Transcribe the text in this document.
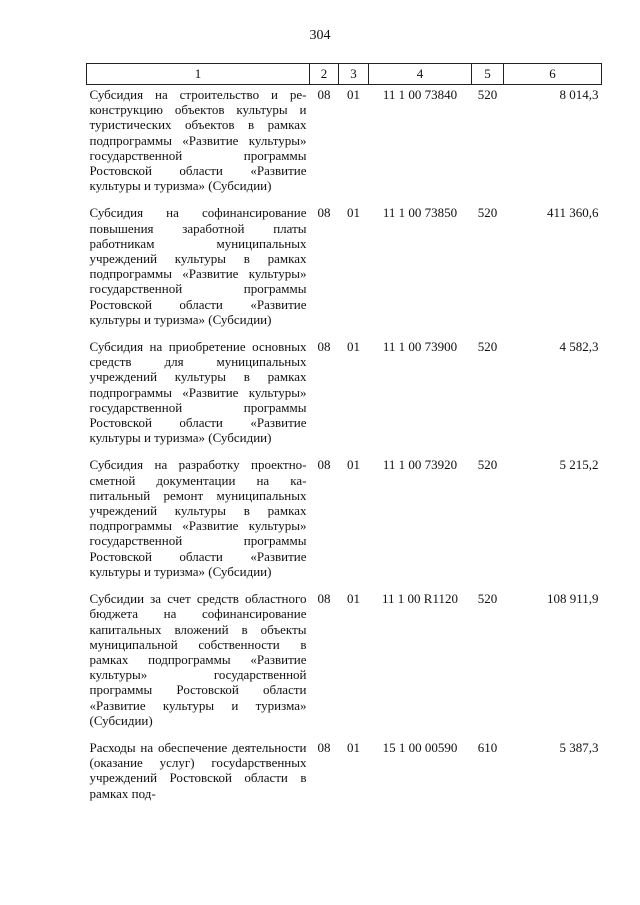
304
1	2	3	4	5	6
Субсидия на строительство и реконструкцию объектов культуры и туристических объектов в рамках подпрограммы «Развитие культуры» государственной программы Ростовской области «Развитие культуры и туризма» (Субсидии)	08	01	11 1 00 73840	520	8 014,3
Субсидия на софинансирование повышения заработной платы работникам муниципальных учреждений культуры в рамках подпрограммы «Развитие культуры» государственной программы Ростовской области «Развитие культуры и туризма» (Субсидии)	08	01	11 1 00 73850	520	411 360,6
Субсидия на приобретение основных средств для муниципальных учреждений культуры в рамках подпрограммы «Развитие культуры» государственной программы Ростовской области «Развитие культуры и туризма» (Субсидии)	08	01	11 1 00 73900	520	4 582,3
Субсидия на разработку проектно-сметной документации на капитальный ремонт муниципальных учреждений культуры в рамках подпрограммы «Развитие культуры» государственной программы Ростовской области «Развитие культуры и туризма» (Субсидии)	08	01	11 1 00 73920	520	5 215,2
Субсидии за счет средств областного бюджета на софинансирование капитальных вложений в объекты муниципальной собственности в рамках подпрограммы «Развитие культуры» государственной программы Ростовской области «Развитие культуры и туризма» (Субсидии)	08	01	11 1 00 R1120	520	108 911,9
Расходы на обеспечение деятельности (оказание услуг) госуdарственных учреждений Ростовской области в рамках под-	08	01	15 1 00 00590	610	5 387,3
